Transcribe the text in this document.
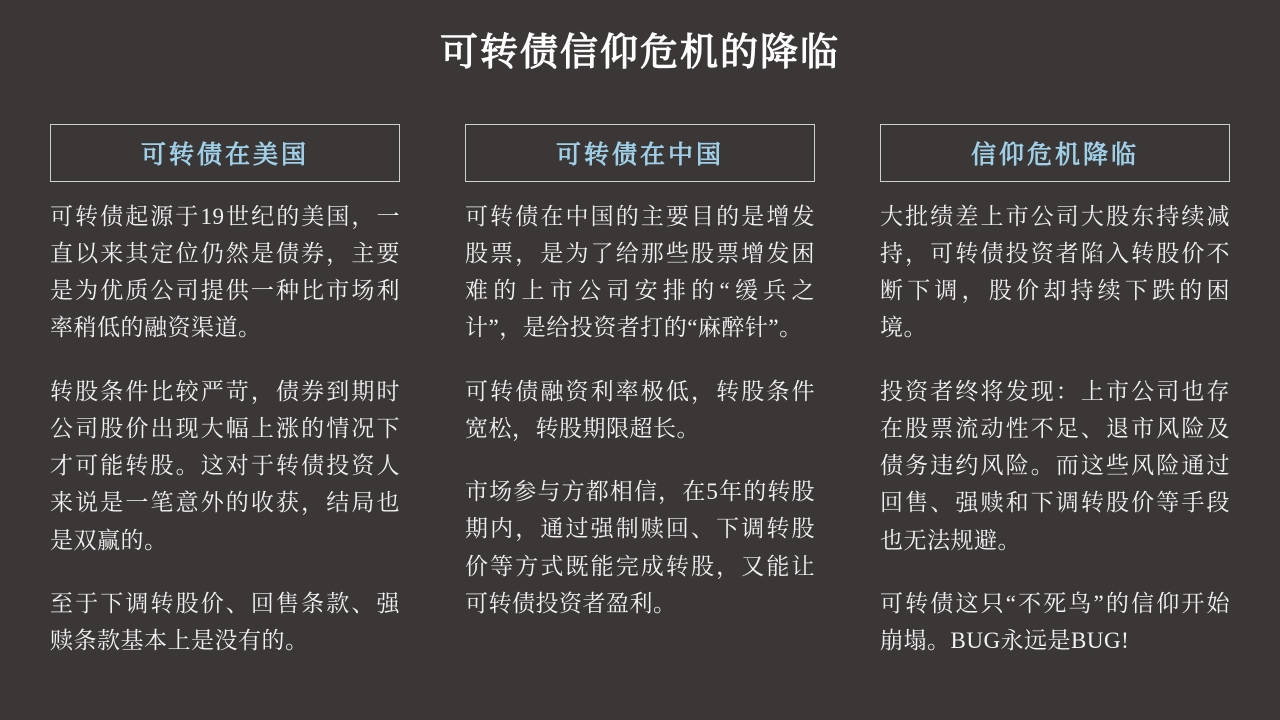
可转债信仰危机的降临
可转债在美国

可转债起源于19世纪的美国，一直以来其定位仍然是债券，主要是为优质公司提供一种比市场利率稍低的融资渠道。

转股条件比较严苛，债券到期时公司股价出现大幅上涨的情况下才可能转股。这对于转债投资人来说是一笔意外的收获，结局也是双赢的。

至于下调转股价、回售条款、强赎条款基本上是没有的。

可转债在中国

可转债在中国的主要目的是增发股票，是为了给那些股票增发困难的上市公司安排的“缓兵之计”，是给投资者打的“麻醉针”。

可转债融资利率极低，转股条件宽松，转股期限超长。

市场参与方都相信，在5年的转股期内，通过强制赎回、下调转股价等方式既能完成转股，又能让可转债投资者盈利。

信仰危机降临

大批绩差上市公司大股东持续减持，可转债投资者陷入转股价不断下调，股价却持续下跌的困境。

投资者终将发现：上市公司也存在股票流动性不足、退市风险及债务违约风险。而这些风险通过回售、强赎和下调转股价等手段也无法规避。

可转债这只“不死鸟”的信仰开始崩塌。BUG永远是BUG!
